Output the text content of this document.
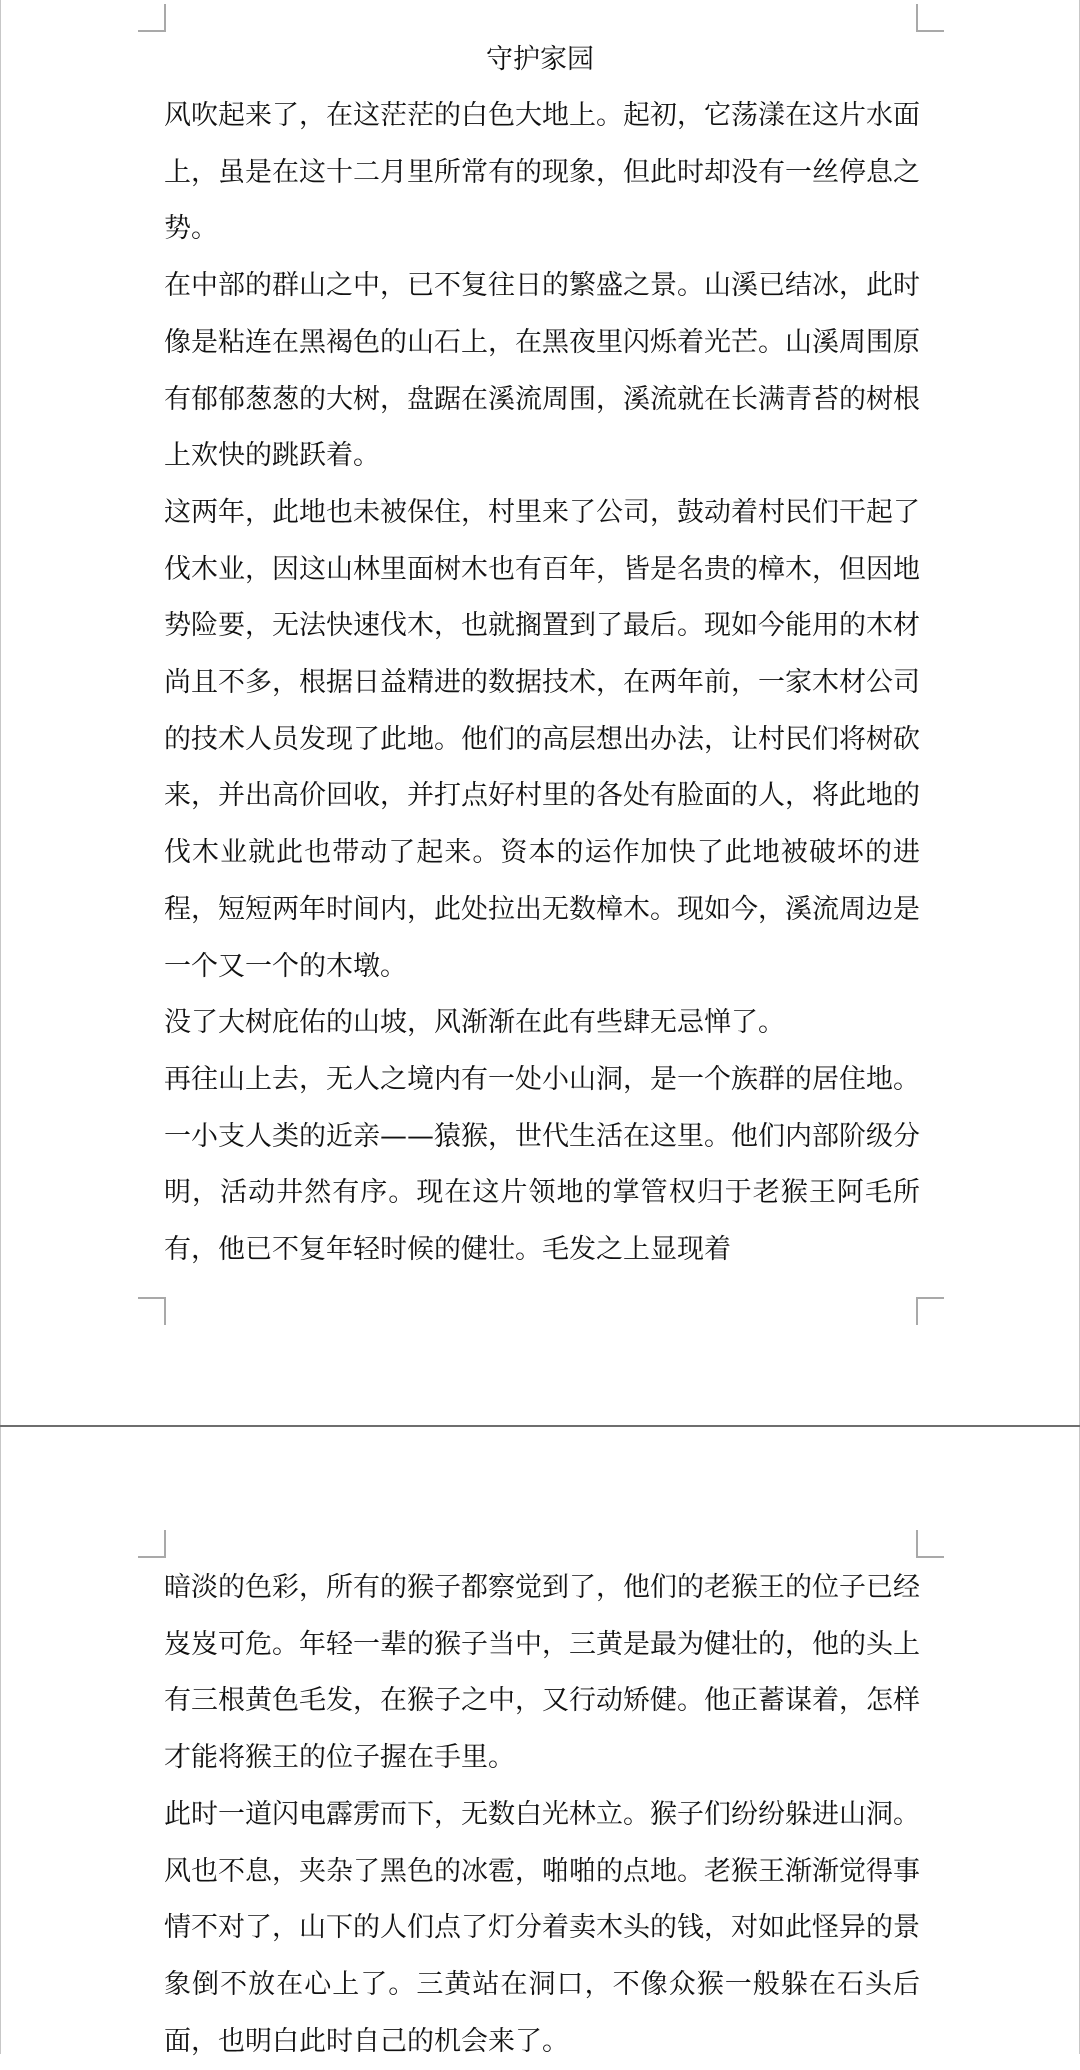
守护家园

风吹起来了，在这茫茫的白色大地上。起初，它荡漾在这片水面上，虽是在这十二月里所常有的现象，但此时却没有一丝停息之势。

在中部的群山之中，已不复往日的繁盛之景。山溪已结冰，此时像是粘连在黑褐色的山石上，在黑夜里闪烁着光芒。山溪周围原有郁郁葱葱的大树，盘踞在溪流周围，溪流就在长满青苔的树根上欢快的跳跃着。

这两年，此地也未被保住，村里来了公司，鼓动着村民们干起了伐木业，因这山林里面树木也有百年，皆是名贵的樟木，但因地势险要，无法快速伐木，也就搁置到了最后。现如今能用的木材尚且不多，根据日益精进的数据技术，在两年前，一家木材公司的技术人员发现了此地。他们的高层想出办法，让村民们将树砍来，并出高价回收，并打点好村里的各处有脸面的人，将此地的伐木业就此也带动了起来。资本的运作加快了此地被破坏的进程，短短两年时间内，此处拉出无数樟木。现如今，溪流周边是一个又一个的木墩。

没了大树庇佑的山坡，风渐渐在此有些肆无忌惮了。

再往山上去，无人之境内有一处小山洞，是一个族群的居住地。一小支人类的近亲——猿猴，世代生活在这里。他们内部阶级分明，活动井然有序。现在这片领地的掌管权归于老猴王阿毛所有，他已不复年轻时候的健壮。毛发之上显现着

暗淡的色彩，所有的猴子都察觉到了，他们的老猴王的位子已经岌岌可危。年轻一辈的猴子当中，三黄是最为健壮的，他的头上有三根黄色毛发，在猴子之中，又行动矫健。他正蓄谋着，怎样才能将猴王的位子握在手里。

此时一道闪电霹雳而下，无数白光林立。猴子们纷纷躲进山洞。风也不息，夹杂了黑色的冰雹，啪啪的点地。老猴王渐渐觉得事情不对了，山下的人们点了灯分着卖木头的钱，对如此怪异的景象倒不放在心上了。三黄站在洞口，不像众猴一般躲在石头后面，也明白此时自己的机会来了。
